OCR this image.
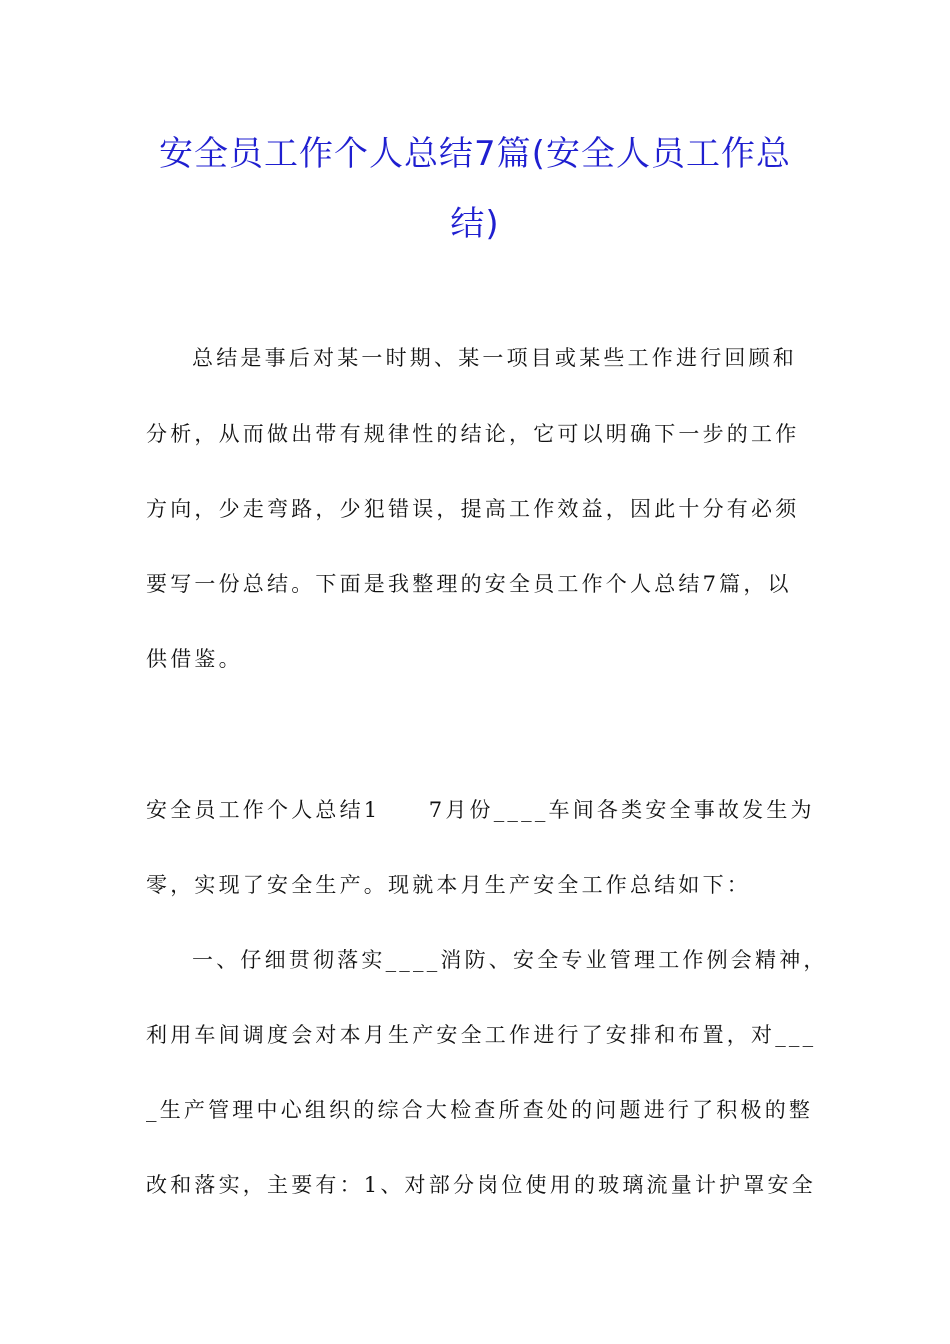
安全员工作个人总结7篇(安全人员工作总
结)
总结是事后对某一时期、某一项目或某些工作进行回顾和
分析，从而做出带有规律性的结论，它可以明确下一步的工作
方向，少走弯路，少犯错误，提高工作效益，因此十分有必须
要写一份总结。下面是我整理的安全员工作个人总结7篇，以
供借鉴。
安全员工作个人总结1　　7月份____车间各类安全事故发生为
零，实现了安全生产。现就本月生产安全工作总结如下：
一、仔细贯彻落实____消防、安全专业管理工作例会精神，
利用车间调度会对本月生产安全工作进行了安排和布置，对___
_生产管理中心组织的综合大检查所查处的问题进行了积极的整
改和落实，主要有：1、对部分岗位使用的玻璃流量计护罩安全
